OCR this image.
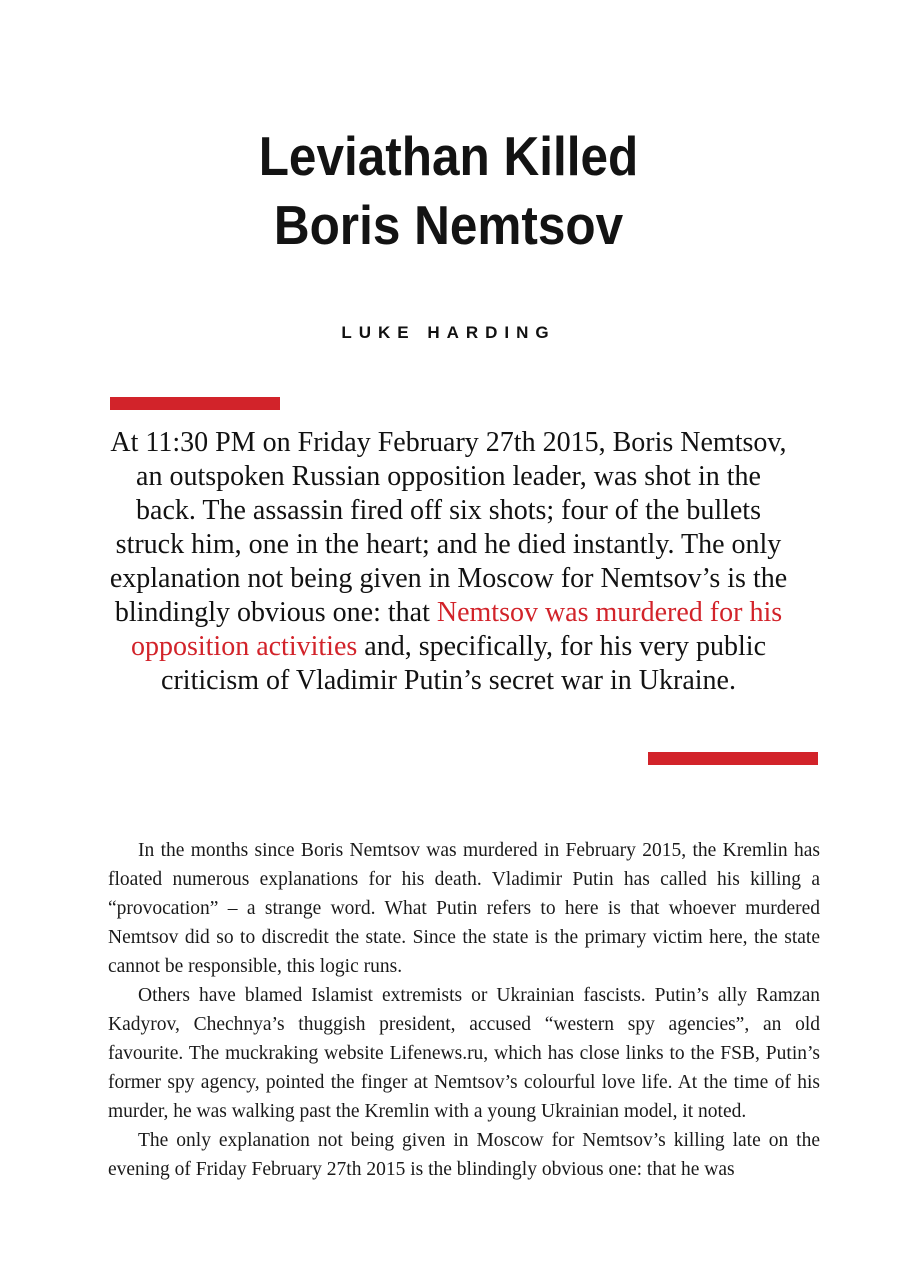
Leviathan Killed
Boris Nemtsov
LUKE HARDING
At 11:30 PM on Friday February 27th 2015, Boris Nemtsov, an outspoken Russian opposition leader, was shot in the back. The assassin fired off six shots; four of the bullets struck him, one in the heart; and he died instantly. The only explanation not being given in Moscow for Nemtsov’s is the blindingly obvious one: that Nemtsov was murdered for his opposition activities and, specifically, for his very public criticism of Vladimir Putin’s secret war in Ukraine.

In the months since Boris Nemtsov was murdered in February 2015, the Kremlin has floated numerous explanations for his death. Vladimir Putin has called his killing a “provocation” – a strange word. What Putin refers to here is that whoever murdered Nemtsov did so to discredit the state. Since the state is the primary victim here, the state cannot be responsible, this logic runs.

Others have blamed Islamist extremists or Ukrainian fascists. Putin’s ally Ramzan Kadyrov, Chechnya’s thuggish president, accused “western spy agencies”, an old favourite. The muckraking website Lifenews.ru, which has close links to the FSB, Putin’s former spy agency, pointed the finger at Nemtsov’s colourful love life. At the time of his murder, he was walking past the Kremlin with a young Ukrainian model, it noted.

The only explanation not being given in Moscow for Nemtsov’s killing late on the evening of Friday February 27th 2015 is the blindingly obvious one: that he was
